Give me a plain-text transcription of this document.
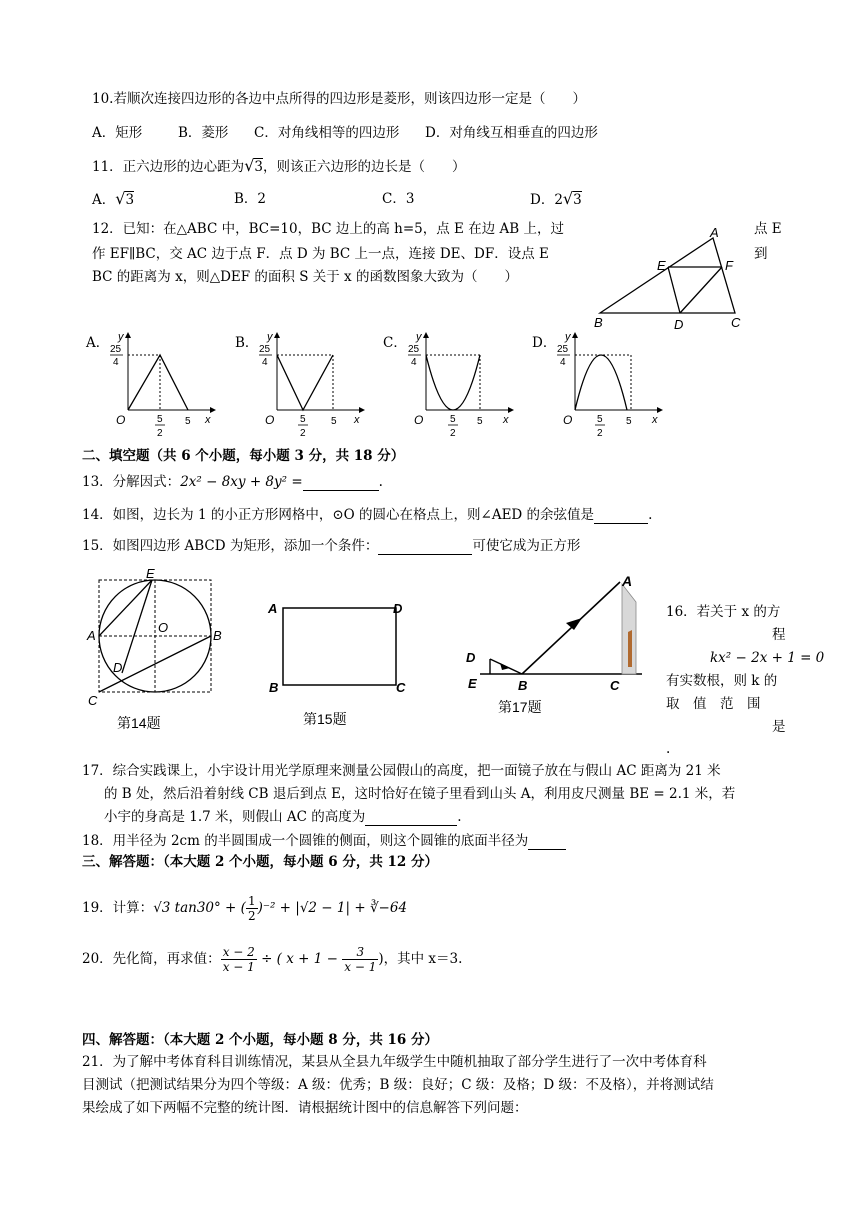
10.若顺次连接四边形的各边中点所得的四边形是菱形，则该四边形一定是（　　）
A．矩形	B．菱形 C．对角线相等的四边形 D．对角线互相垂直的四边形
11．正六边形的边心距为√3，则该正六边形的边长是（　　）
A．√3	B．2	C．3	D．2√3
12．已知：在△ABC 中，BC=10，BC 边上的高 h=5，点 E 在边 AB 上，过	点 E
作 EF∥BC，交 AC 边于点 F．点 D 为 BC 上一点，连接 DE、DF．设点 E	到
BC 的距离为 x，则△DEF 的面积 S 关于 x 的函数图象大致为（　　）
A
E	F
B	D	C
A．	B．	C．	D．
y
x
O
25
4
5
2
5
y
x
O
25
4
5
2
5
y
x
O
25
4
5
2
5
y
x
O
25
4
5
2
5
二、填空题（共 6 个小题，每小题 3 分，共 18 分）
13．分解因式：2x² − 8xy + 8y² =	.
14．如图，边长为 1 的小正方形网格中，⊙O 的圆心在格点上，则∠AED 的余弦值是	.
15．如图四边形 ABCD 为矩形，添加一个条件：	可使它成为正方形
E
A
O
B
D
C
第14题
A	D
B	C
第15题
A
D
E	B	C
第17题
16．若关于 x 的方
程
kx² − 2x + 1 = 0
有实数根，则 k 的
取　值　范　围
是
.
17．综合实践课上，小宇设计用光学原理来测量公园假山的高度，把一面镜子放在与假山 AC 距离为 21 米
的 B 处，然后沿着射线 CB 退后到点 E，这时恰好在镜子里看到山头 A，利用皮尺测量 BE = 2.1 米，若
小宇的身高是 1.7 米，则假山 AC 的高度为	.
18．用半径为 2cm 的半圆围成一个圆锥的侧面，则这个圆锥的底面半径为
三、解答题：（本大题 2 个小题，每小题 6 分，共 12 分）
19．计算：√3 tan30° + ( $\frac{1}{2} )^{-2} + |√2 - 1|$ + ∛−64
20．先化简，再求值： $\frac{x - 2}{x - 1}$ ÷ ( $x + 1 - \frac{3}{x - 1}$ )，其中 x＝3.
四、解答题：（本大题 2 个小题，每小题 8 分，共 16 分）
21．为了解中考体育科目训练情况，某县从全县九年级学生中随机抽取了部分学生进行了一次中考体育科
目测试（把测试结果分为四个等级：A 级：优秀；B 级：良好；C 级：及格；D 级：不及格），并将测试结
果绘成了如下两幅不完整的统计图．请根据统计图中的信息解答下列问题：
